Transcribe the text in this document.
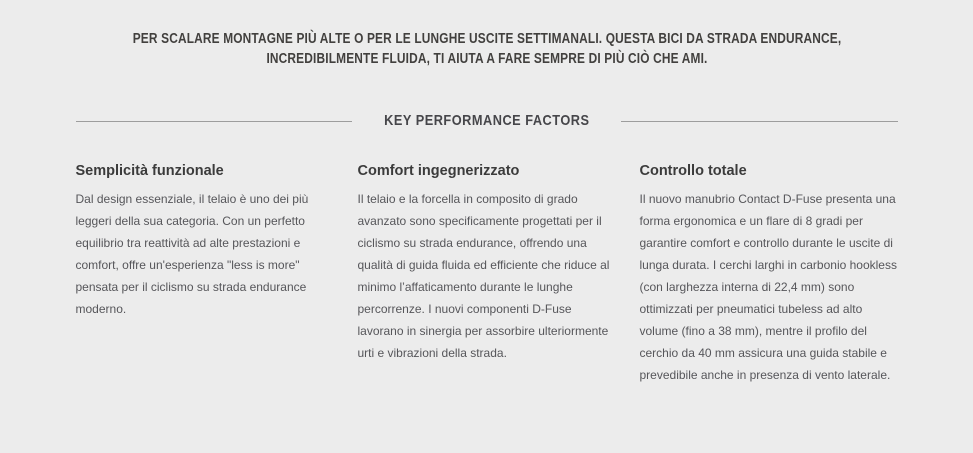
PER SCALARE MONTAGNE PIÙ ALTE O PER LE LUNGHE USCITE SETTIMANALI. QUESTA BICI DA STRADA ENDURANCE, INCREDIBILMENTE FLUIDA, TI AIUTA A FARE SEMPRE DI PIÙ CIÒ CHE AMI.

KEY PERFORMANCE FACTORS
Semplicità funzionale

Dal design essenziale, il telaio è uno dei più leggeri della sua categoria. Con un perfetto equilibrio tra reattività ad alte prestazioni e comfort, offre un'esperienza "less is more" pensata per il ciclismo su strada endurance moderno.

Comfort ingegnerizzato

Il telaio e la forcella in composito di grado avanzato sono specificamente progettati per il ciclismo su strada endurance, offrendo una qualità di guida fluida ed efficiente che riduce al minimo l’affaticamento durante le lunghe percorrenze. I nuovi componenti D-Fuse lavorano in sinergia per assorbire ulteriormente urti e vibrazioni della strada.

Controllo totale

Il nuovo manubrio Contact D-Fuse presenta una forma ergonomica e un flare di 8 gradi per garantire comfort e controllo durante le uscite di lunga durata. I cerchi larghi in carbonio hookless (con larghezza interna di 22,4 mm) sono ottimizzati per pneumatici tubeless ad alto volume (fino a 38 mm), mentre il profilo del cerchio da 40 mm assicura una guida stabile e prevedibile anche in presenza di vento laterale.
